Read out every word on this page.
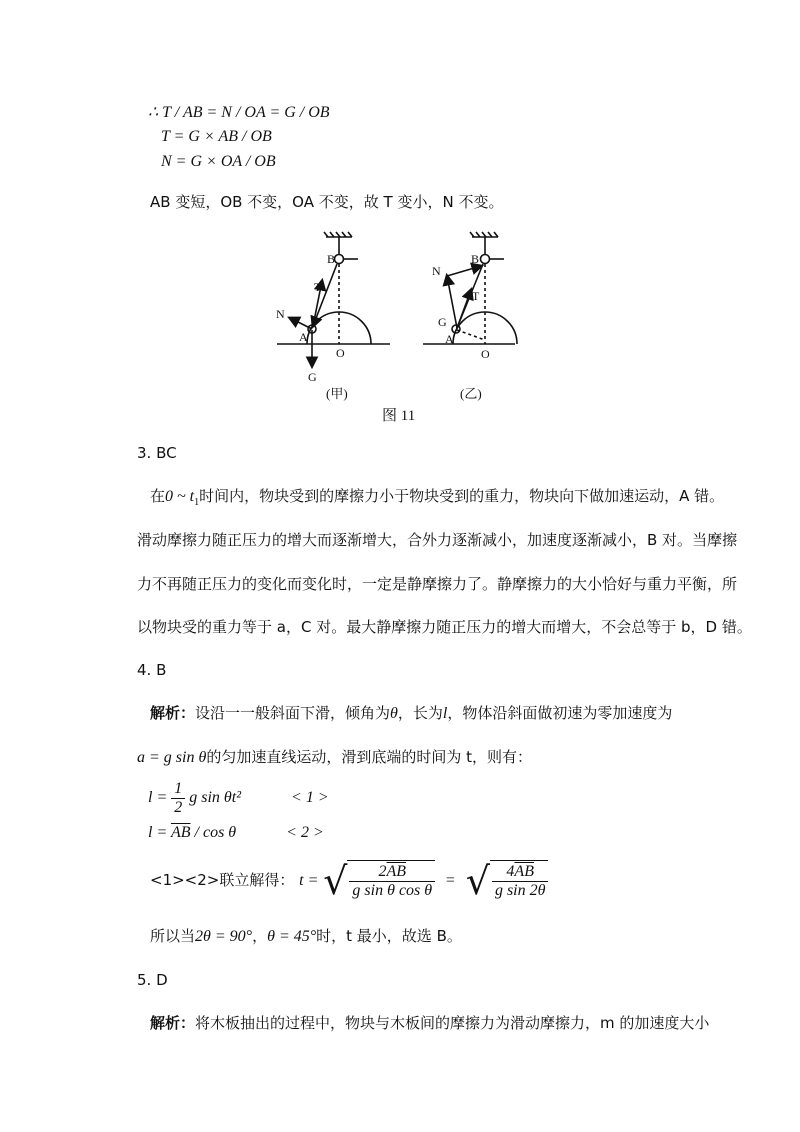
∴ T / AB = N / OA = G / OB
T = G × AB / OB
N = G × OA / OB
AB 变短，OB 不变，OA 不变，故 T 变小，N 不变。
B
T
N
A
O
G
(甲)
B
N
T
G
A
O
(乙)
图 11
3. BC
在0 ~ $t_1$时间内，物块受到的摩擦力小于物块受到的重力，物块向下做加速运动，A 错。
滑动摩擦力随正压力的增大而逐渐增大，合外力逐渐减小，加速度逐渐减小，B 对。当摩擦
力不再随正压力的变化而变化时，一定是静摩擦力了。静摩擦力的大小恰好与重力平衡，所
以物块受的重力等于 a，C 对。最大静摩擦力随正压力的增大而增大，不会总等于 b，D 错。
4. B
解析：设沿一一般斜面下滑，倾角为θ，长为l，物体沿斜面做初速为零加速度为
a = g sin θ的匀加速直线运动，滑到底端的时间为 t，则有：
$l = \frac{1}{2}$ g sin θt²	< 1 >
$l = \overline{AB} / \cos \theta$	< 2 >
<1><2>联立解得： t = √ $\frac{2\overline{AB}}{\text{g sin θ cos θ}}$ = √ $\frac{4\overline{AB}}{\text{g sin 2θ}}$
所以当2θ = 90°，θ = 45°时，t 最小，故选 B。
5. D
解析：将木板抽出的过程中，物块与木板间的摩擦力为滑动摩擦力，m 的加速度大小
